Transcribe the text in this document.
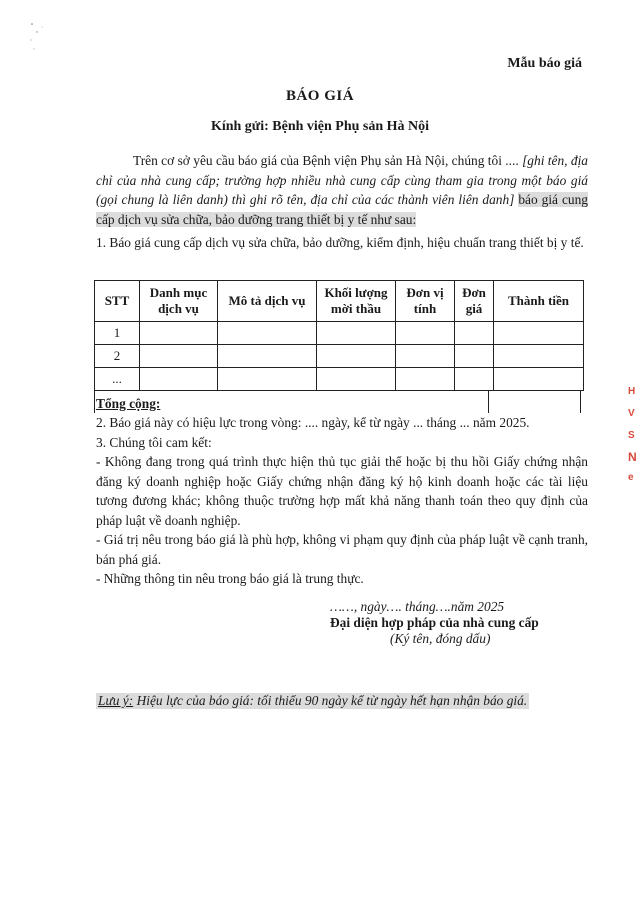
Mẫu báo giá
BÁO GIÁ
Kính gửi: Bệnh viện Phụ sản Hà Nội
Trên cơ sở yêu cầu báo giá của Bệnh viện Phụ sản Hà Nội, chúng tôi .... [ghi tên, địa chỉ của nhà cung cấp; trường hợp nhiều nhà cung cấp cùng tham gia trong một báo giá (gọi chung là liên danh) thì ghi rõ tên, địa chỉ của các thành viên liên danh] báo giá cung cấp dịch vụ sửa chữa, bảo dưỡng trang thiết bị y tế như sau:
1. Báo giá cung cấp dịch vụ sửa chữa, bảo dưỡng, kiểm định, hiệu chuẩn trang thiết bị y tế.
STT	Danh mục dịch vụ	Mô tả dịch vụ	Khối lượng mời thầu	Đơn vị tính	Đơn giá	Thành tiền
1						
2						
...						
Tổng cộng:
2. Báo giá này có hiệu lực trong vòng: .... ngày, kể từ ngày ... tháng ... năm 2025.
3. Chúng tôi cam kết:
- Không đang trong quá trình thực hiện thủ tục giải thể hoặc bị thu hồi Giấy chứng nhận đăng ký doanh nghiệp hoặc Giấy chứng nhận đăng ký hộ kinh doanh hoặc các tài liệu tương đương khác; không thuộc trường hợp mất khả năng thanh toán theo quy định của pháp luật về doanh nghiệp.
- Giá trị nêu trong báo giá là phù hợp, không vi phạm quy định của pháp luật về cạnh tranh, bán phá giá.
- Những thông tin nêu trong báo giá là trung thực.
……, ngày…. tháng….năm 2025
Đại diện hợp pháp của nhà cung cấp
(Ký tên, đóng dấu)
Lưu ý: Hiệu lực của báo giá: tối thiểu 90 ngày kể từ ngày hết hạn nhận báo giá.
H
V
S
N
e
